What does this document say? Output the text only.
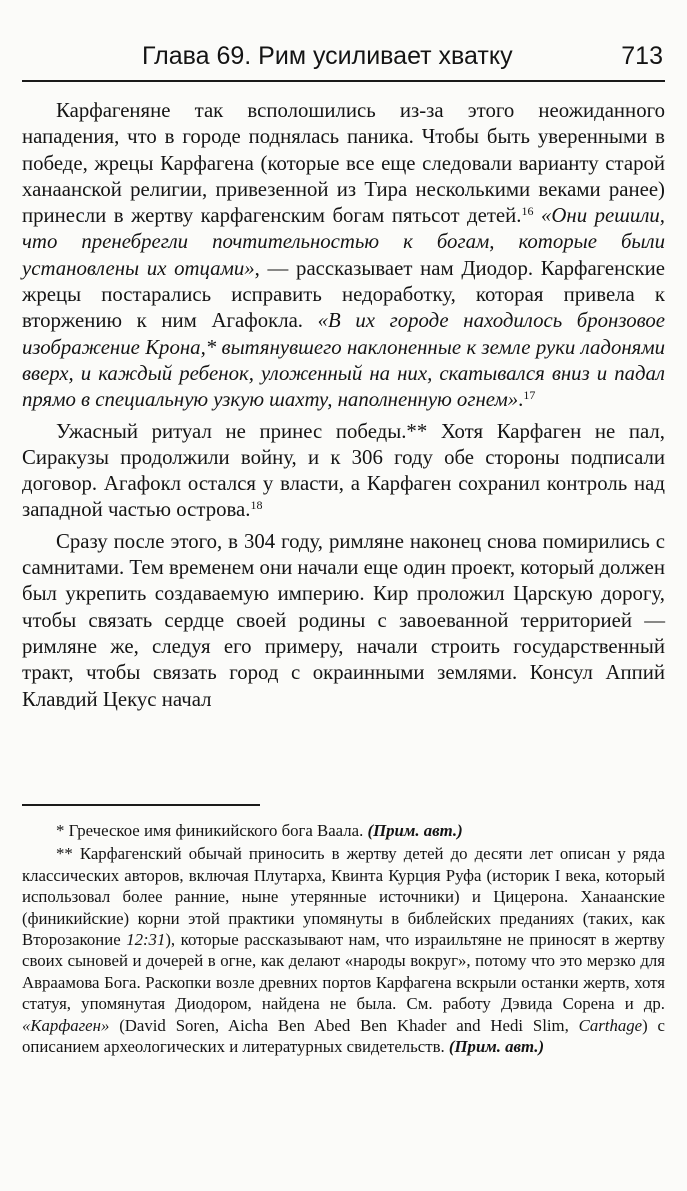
Глава 69. Рим усиливает хватку	713

Карфагеняне так всполошились из-за этого неожиданного нападения, что в городе поднялась паника. Чтобы быть уверенными в победе, жрецы Карфагена (которые все еще следовали варианту старой ханаанской религии, привезенной из Тира несколькими веками ранее) принесли в жертву карфагенским богам пятьсот детей.$^{16}$ «Они решили, что пренебрегли почтительностью к богам, которые были установлены их отцами», — рассказывает нам Диодор. Карфагенские жрецы постарались исправить недоработку, которая привела к вторжению к ним Агафокла. «В их городе находилось бронзовое изображение Крона,* вытянувшего наклоненные к земле руки ладонями вверх, и каждый ребенок, уложенный на них, скатывался вниз и падал прямо в специальную узкую шахту, наполненную огнем».$^{17}$

Ужасный ритуал не принес победы.** Хотя Карфаген не пал, Сиракузы продолжили войну, и к 306 году обе стороны подписали договор. Агафокл остался у власти, а Карфаген сохранил контроль над западной частью острова.$^{18}$

Сразу после этого, в 304 году, римляне наконец снова помирились с самнитами. Тем временем они начали еще один проект, который должен был укрепить создаваемую империю. Кир проложил Царскую дорогу, чтобы связать сердце своей родины с завоеванной территорией — римляне же, следуя его примеру, начали строить государственный тракт, чтобы связать город с окраинными землями. Консул Аппий Клавдий Цекус начал

* Греческое имя финикийского бога Ваала. (Прим. авт.)

** Карфагенский обычай приносить в жертву детей до десяти лет описан у ряда классических авторов, включая Плутарха, Квинта Курция Руфа (историк I века, который использовал более ранние, ныне утерянные источники) и Цицерона. Ханаанские (финикийские) корни этой практики упомянуты в библейских преданиях (таких, как Второзаконие 12:31), которые рассказывают нам, что израильтяне не приносят в жертву своих сыновей и дочерей в огне, как делают «народы вокруг», потому что это мерзко для Авраамова Бога. Раскопки возле древних портов Карфагена вскрыли останки жертв, хотя статуя, упомянутая Диодором, найдена не была. См. работу Дэвида Сорена и др. «Карфаген» (David Soren, Aicha Ben Abed Ben Khader and Hedi Slim, Carthage) с описанием археологических и литературных свидетельств. (Прим. авт.)
